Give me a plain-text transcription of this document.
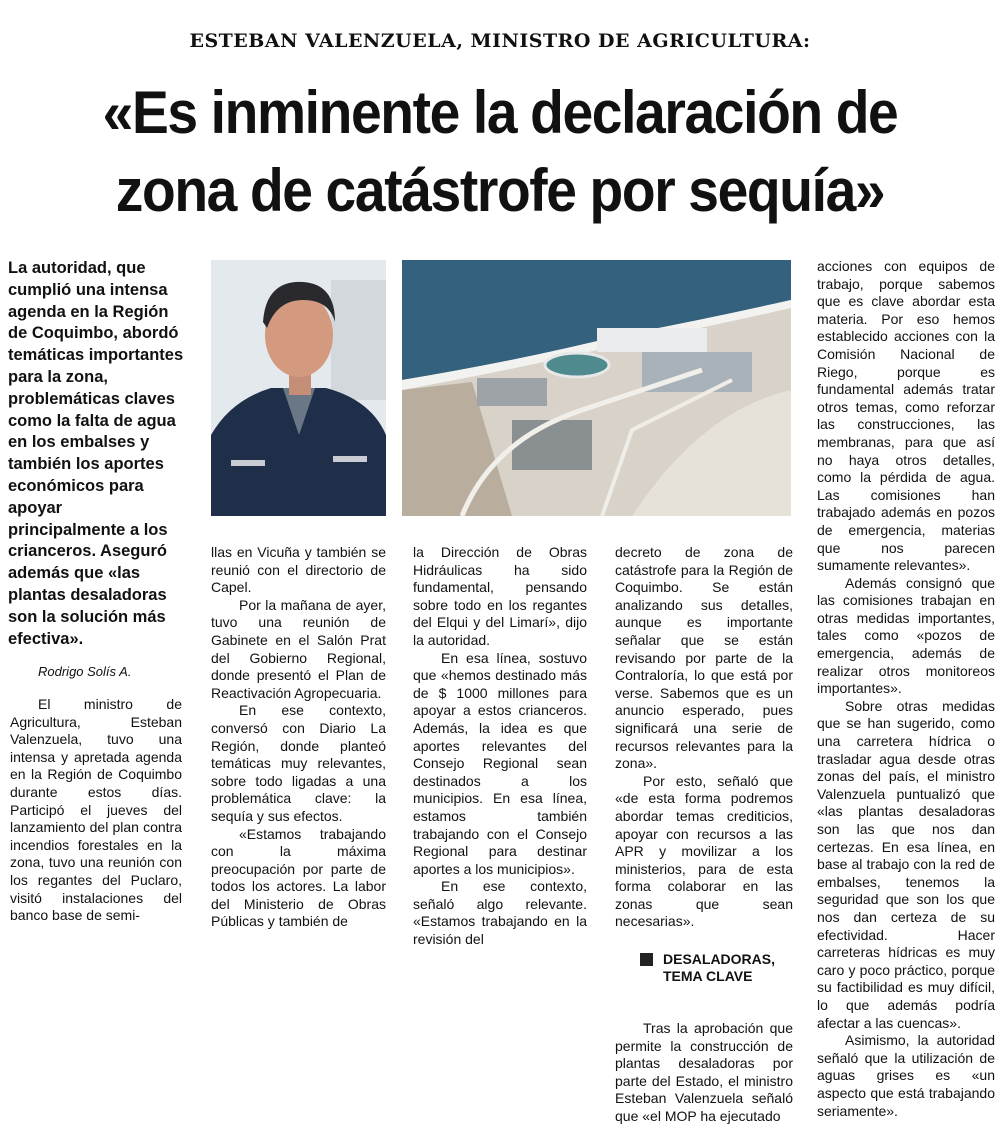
ESTEBAN VALENZUELA, MINISTRO DE AGRICULTURA:
«Es inminente la declaración de
zona de catástrofe por sequía»
La autoridad, que cumplió una intensa agenda en la Región de Coquimbo, abordó temáticas importantes para la zona, problemáticas claves como la falta de agua en los embalses y también los aportes económicos para apoyar principalmente a los crianceros. Aseguró además que «las plantas desaladoras son la solución más efectiva».
Rodrigo Solís A.

El ministro de Agricultura, Esteban Valenzuela, tuvo una intensa y apretada agenda en la Región de Coquimbo durante estos días. Participó el jueves del lanzamiento del plan contra incendios forestales en la zona, tuvo una reunión con los regantes del Puclaro, visitó instalaciones del banco base de semi-

llas en Vicuña y también se reunió con el directorio de Capel.

Por la mañana de ayer, tuvo una reunión de Gabinete en el Salón Prat del Gobierno Regional, donde presentó el Plan de Reactivación Agropecuaria.

En ese contexto, conversó con Diario La Región, donde planteó temáticas muy relevantes, sobre todo ligadas a una problemática clave: la sequía y sus efectos.

«Estamos trabajando con la máxima preocupación por parte de todos los actores. La labor del Ministerio de Obras Públicas y también de

la Dirección de Obras Hidráulicas ha sido fundamental, pensando sobre todo en los regantes del Elqui y del Limarí», dijo la autoridad.

En esa línea, sostuvo que «hemos destinado más de $ 1000 millones para apoyar a estos crianceros. Además, la idea es que aportes relevantes del Consejo Regional sean destinados a los municipios. En esa línea, estamos también trabajando con el Consejo Regional para destinar aportes a los municipios».

En ese contexto, señaló algo relevante. «Estamos trabajando en la revisión del

decreto de zona de catástrofe para la Región de Coquimbo. Se están analizando sus detalles, aunque es importante señalar que se están revisando por parte de la Contraloría, lo que está por verse. Sabemos que es un anuncio esperado, pues significará una serie de recursos relevantes para la zona».

Por esto, señaló que «de esta forma podremos abordar temas crediticios, apoyar con recursos a las APR y movilizar a los ministerios, para de esta forma colaborar en las zonas que sean necesarias».

DESALADORAS,
TEMA CLAVE

Tras la aprobación que permite la construcción de plantas desaladoras por parte del Estado, el ministro Esteban Valenzuela señaló que «el MOP ha ejecutado

acciones con equipos de trabajo, porque sabemos que es clave abordar esta materia. Por eso hemos establecido acciones con la Comisión Nacional de Riego, porque es fundamental además tratar otros temas, como reforzar las construcciones, las membranas, para que así no haya otros detalles, como la pérdida de agua. Las comisiones han trabajado además en pozos de emergencia, materias que nos parecen sumamente relevantes».

Además consignó que las comisiones trabajan en otras medidas importantes, tales como «pozos de emergencia, además de realizar otros monitoreos importantes».

Sobre otras medidas que se han sugerido, como una carretera hídrica o trasladar agua desde otras zonas del país, el ministro Valenzuela puntualizó que «las plantas desaladoras son las que nos dan certezas. En esa línea, en base al trabajo con la red de embalses, tenemos la seguridad que son los que nos dan certeza de su efectividad. Hacer carreteras hídricas es muy caro y poco práctico, porque su factibilidad es muy difícil, lo que además podría afectar a las cuencas».

Asimismo, la autoridad señaló que la utilización de aguas grises es «un aspecto que está trabajando seriamente».
